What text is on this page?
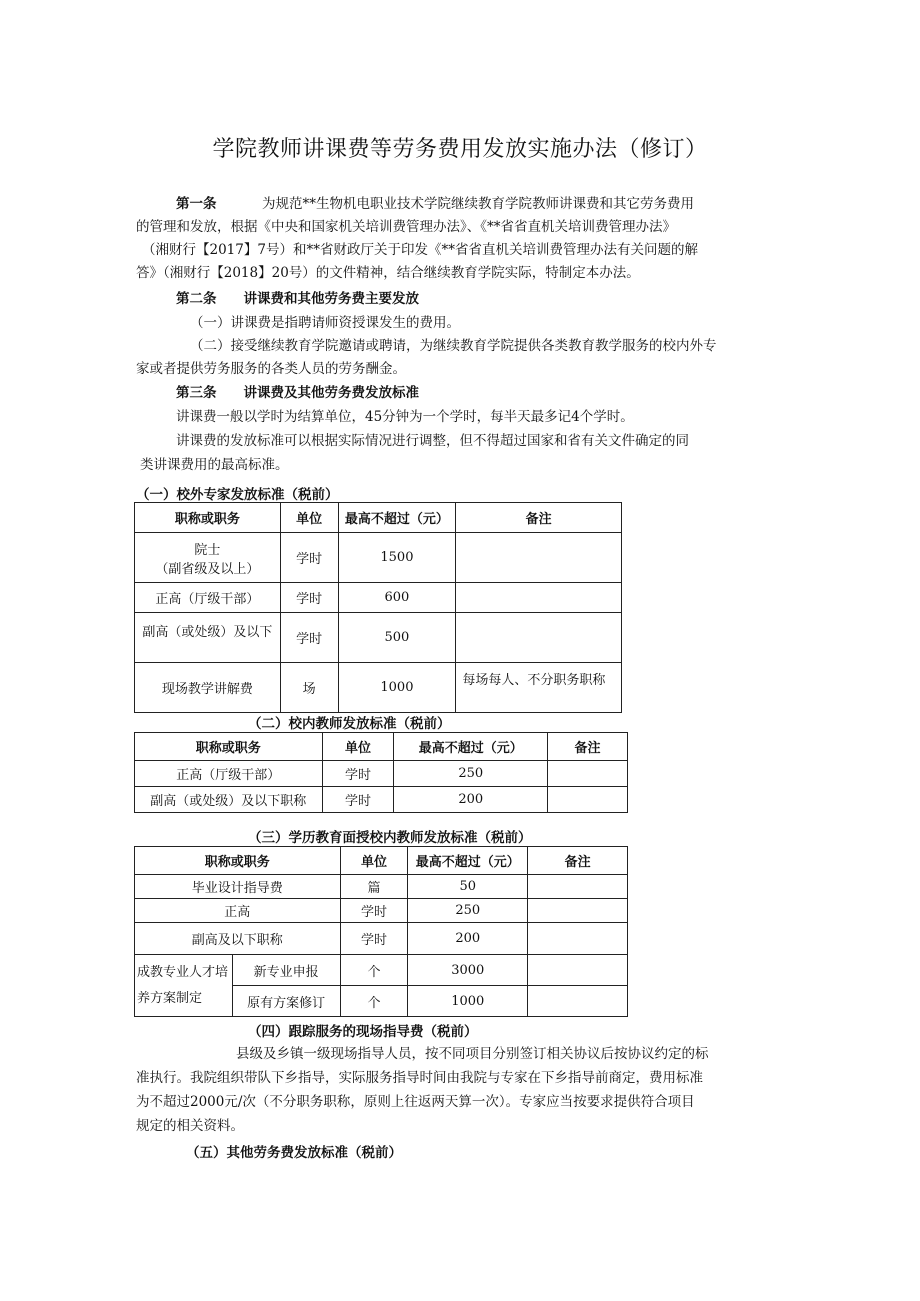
学院教师讲课费等劳务费用发放实施办法（修订）
第一条	为规范**生物机电职业技术学院继续教育学院教师讲课费和其它劳务费用
的管理和发放，根据《中央和国家机关培训费管理办法》、《**省省直机关培训费管理办法》
（湘财行【2017】7号）和**省财政厅关于印发《**省省直机关培训费管理办法有关问题的解
答》（湘财行【2018】20号）的文件精神，结合继续教育学院实际，特制定本办法。
第二条　　讲课费和其他劳务费主要发放
（一）讲课费是指聘请师资授课发生的费用。
（二）接受继续教育学院邀请或聘请，为继续教育学院提供各类教育教学服务的校内外专
家或者提供劳务服务的各类人员的劳务酬金。
第三条　　讲课费及其他劳务费发放标准
讲课费一般以学时为结算单位，45分钟为一个学时，每半天最多记4个学时。
讲课费的发放标准可以根据实际情况进行调整，但不得超过国家和省有关文件确定的同
类讲课费用的最高标准。
（一）校外专家发放标准（税前）
职称或职务	单位	最高不超过（元）	备注

院士
（副省级及以上）	学时	1500	
正高（厅级干部）	学时	600	
副高（或处级）及以下	学时	500	
现场教学讲解费	场	1000	每场每人、不分职务职称
（二）校内教师发放标准（税前）
职称或职务	单位	最高不超过（元）	备注
正高（厅级干部）	学时	250	
副高（或处级）及以下职称	学时	200	
（三）学历教育面授校内教师发放标准（税前）
职称或职务		单位	最高不超过（元）	备注
毕业设计指导费		篇	50	
正高		学时	250	
副高及以下职称		学时	200	

成教专业人才培
养方案制定	新专业申报	个	3000	
	原有方案修订	个	1000	
（四）跟踪服务的现场指导费（税前）
县级及乡镇一级现场指导人员，按不同项目分别签订相关协议后按协议约定的标
准执行。我院组织带队下乡指导，实际服务指导时间由我院与专家在下乡指导前商定，费用标准
为不超过2000元/次（不分职务职称，原则上往返两天算一次）。专家应当按要求提供符合项目
规定的相关资料。
（五）其他劳务费发放标准（税前）
